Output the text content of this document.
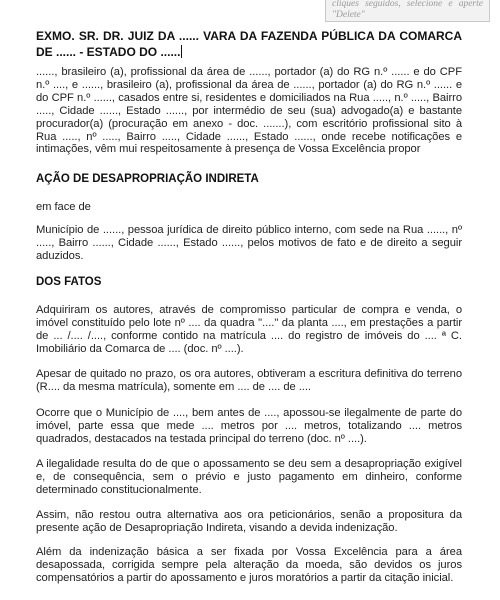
cliques seguidos, selecione e aperte "Delete"

EXMO. SR. DR. JUIZ DA ...... VARA DA FAZENDA PÚBLICA DA COMARCA DE ...... - ESTADO DO ......

......, brasileiro (a), profissional da área de ......, portador (a) do RG n.º ...... e do CPF n.º ...., e ......, brasileiro (a), profissional da área de ......, portador (a) do RG n.º ...... e do CPF n.º ......, casados entre si, residentes e domiciliados na Rua ....., n.º ....., Bairro ....., Cidade ......, Estado ......, por intermédio de seu (sua) advogado(a) e bastante procurador(a) (procuração em anexo - doc. .......), com escritório profissional sito à Rua ....., nº ....., Bairro ....., Cidade ......, Estado ......, onde recebe notificações e intimações, vêm mui respeitosamente à presença de Vossa Excelência propor

AÇÃO DE DESAPROPRIAÇÃO INDIRETA

em face de

Município de ......, pessoa jurídica de direito público interno, com sede na Rua ......, nº ....., Bairro ......, Cidade ......, Estado ......, pelos motivos de fato e de direito a seguir aduzidos.

DOS FATOS

Adquiriram os autores, através de compromisso particular de compra e venda, o imóvel constituído pelo lote nº .... da quadra "...." da planta ...., em prestações a partir de ... /.... /...., conforme contido na matrícula .... do registro de imóveis do .... ª C. Imobiliário da Comarca de .... (doc. nº ....).

Apesar de quitado no prazo, os ora autores, obtiveram a escritura definitiva do terreno (R.... da mesma matrícula), somente em .... de .... de ....

Ocorre que o Município de ...., bem antes de ...., apossou-se ilegalmente de parte do imóvel, parte essa que mede .... metros por .... metros, totalizando .... metros quadrados, destacados na testada principal do terreno (doc. nº ....).

A ilegalidade resulta do de que o apossamento se deu sem a desapropriação exigível e, de consequência, sem o prévio e justo pagamento em dinheiro, conforme determinado constitucionalmente.

Assim, não restou outra alternativa aos ora peticionários, senão a propositura da presente ação de Desapropriação Indireta, visando a devida indenização.

Além da indenização básica a ser fixada por Vossa Excelência para a área desapossada, corrigida sempre pela alteração da moeda, são devidos os juros compensatórios a partir do apossamento e juros moratórios a partir da citação inicial.
